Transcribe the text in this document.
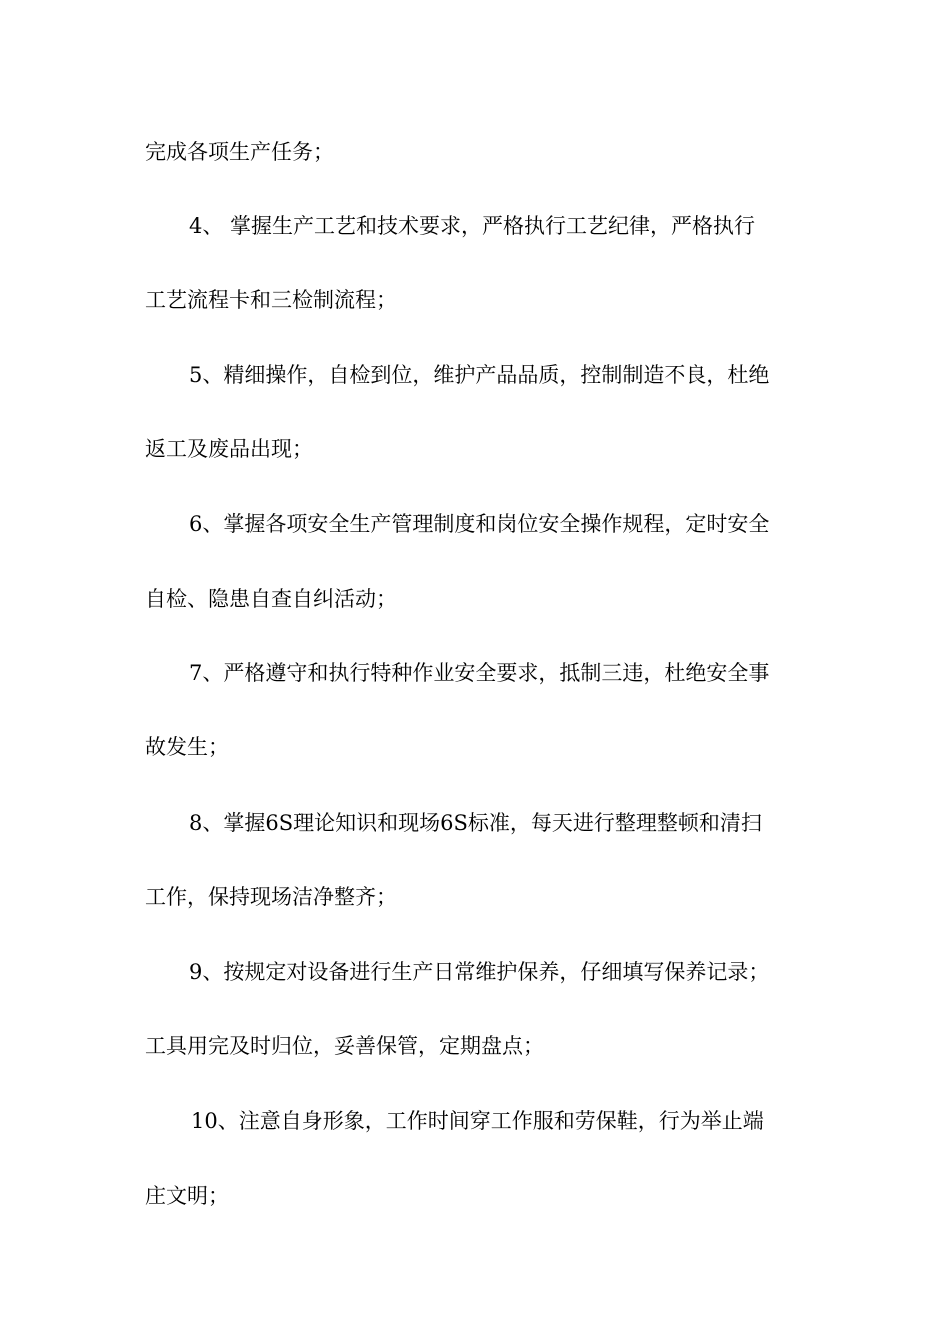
完成各项生产任务；
4、 掌握生产工艺和技术要求，严格执行工艺纪律，严格执行
工艺流程卡和三检制流程；
5、精细操作，自检到位，维护产品品质，控制制造不良，杜绝
返工及废品出现；
6、掌握各项安全生产管理制度和岗位安全操作规程，定时安全
自检、隐患自查自纠活动；
7、严格遵守和执行特种作业安全要求，抵制三违，杜绝安全事
故发生；
8、掌握6S理论知识和现场6S标准，每天进行整理整顿和清扫
工作，保持现场洁净整齐；
9、按规定对设备进行生产日常维护保养，仔细填写保养记录；
工具用完及时归位，妥善保管，定期盘点；
10、注意自身形象，工作时间穿工作服和劳保鞋，行为举止端
庄文明；
